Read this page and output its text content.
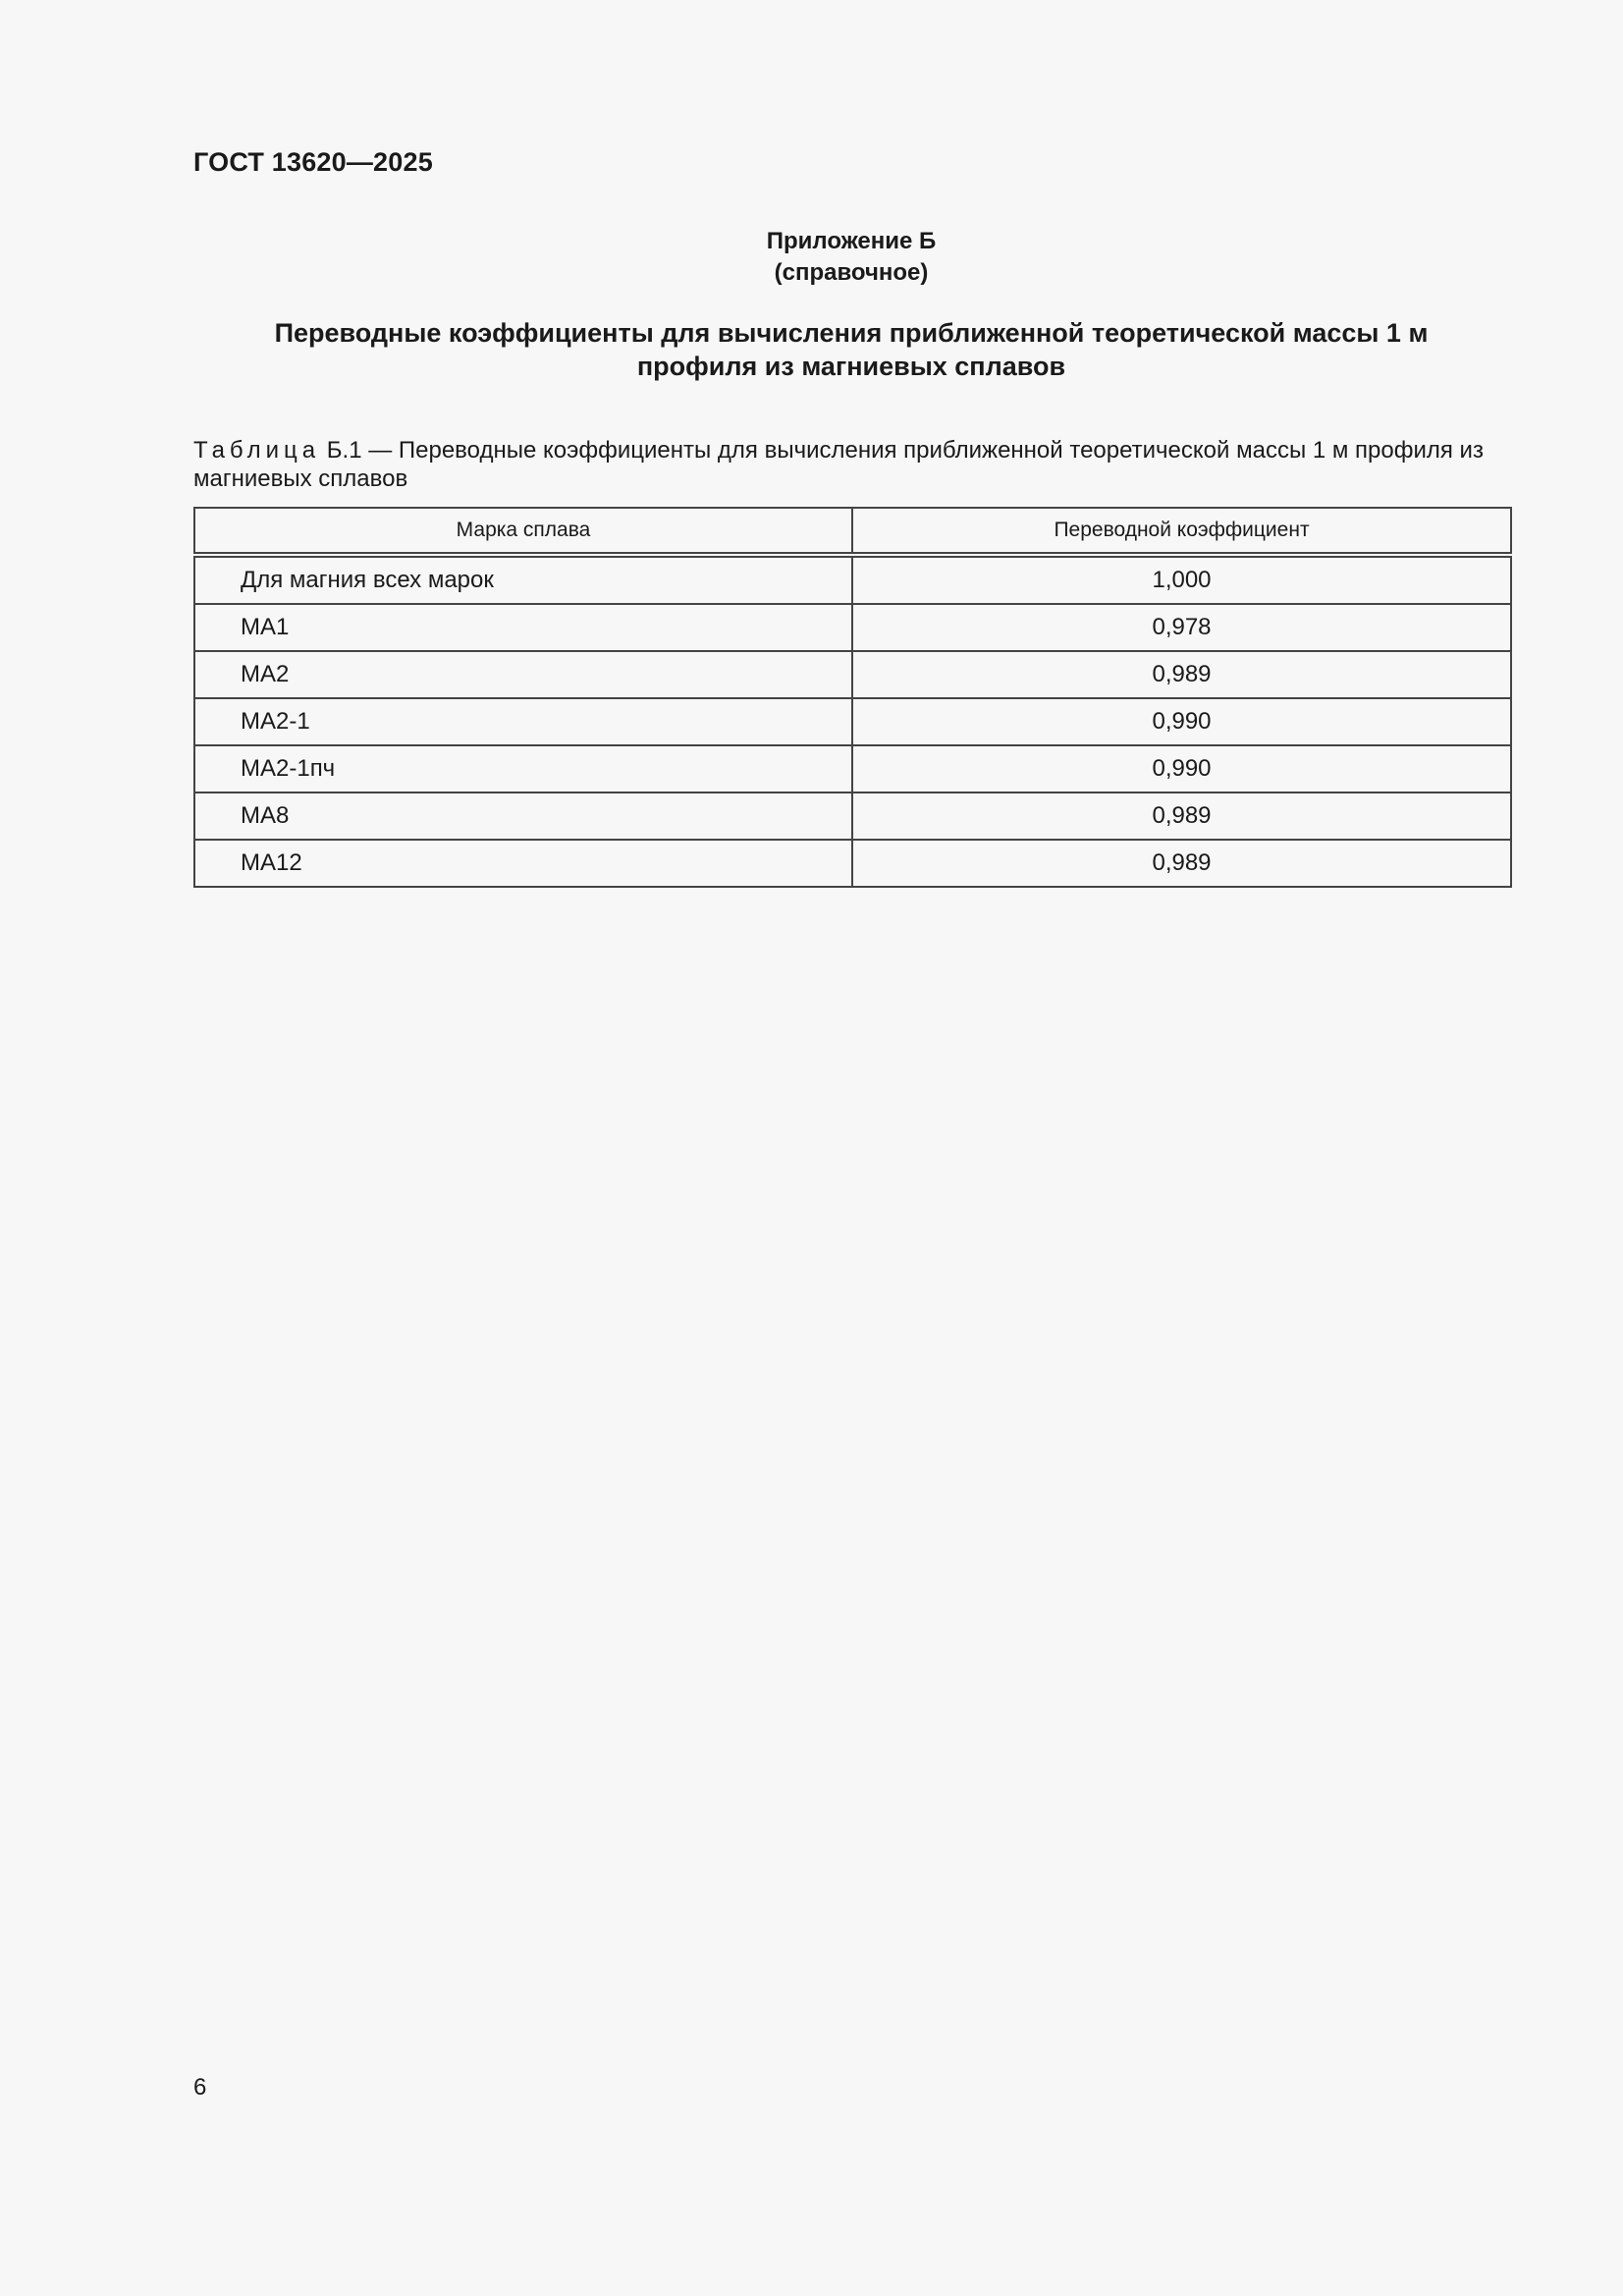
ГОСТ 13620—2025
Приложение Б
(справочное)
Переводные коэффициенты для вычисления приближенной теоретической массы 1 м
профиля из магниевых сплавов
Таблица Б.1 — Переводные коэффициенты для вычисления приближенной теоретической массы 1 м профиля из магниевых сплавов
Марка сплава	Переводной коэффициент
Для магния всех марок	1,000
МА1	0,978
МА2	0,989
МА2-1	0,990
МА2-1пч	0,990
МА8	0,989
МА12	0,989
6
